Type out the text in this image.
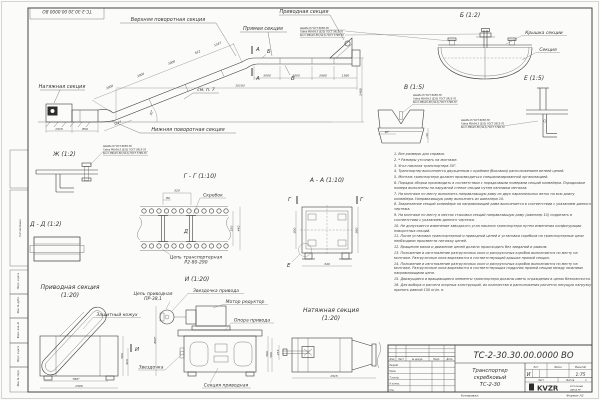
ТС-2-30.30.00.0000 ВО
Согласовано
Подп. и дата
Инв. № дубл.
Взам. инв. №
Подп. и дата
Инв. № подл.
А
А
Б
В
Верхняя поворотная секция
Прямая секция
Приводная секция
Натяжная секция
Нижняя поворотная секция
см. п. 7
3000
3000
3000
612
1347
3000	3000	2660	1560
10163
5480
30°
1515	850
1247
Шайба 8 ГОСТ 6958-78
Гайка М8-6Н.5 (S10) ГОСТ 5915-70
Болт М8х25.58 (S13) ГОСТ 7798-70
Ж (1:2)
Шайба 8 ГОСТ 6958-78
Гайка М8-6Н.5 (S10) ГОСТ 5915-70
Болт М8х25.58 (S13) ГОСТ 7798-70
Д - Д (1:2)
Г - Г (1:10)
320
80
320 440
Скребок
Д
Цепь транспортерная
Р2-80-290
А - А (1:10)
Г	Г
Е
300	380
340
Б (1:2)
Крышка секции
Секция
В (1:5)
Шайба 8 ГОСТ 6958-78
Гайка М8-6Н.5 (S10) ГОСТ 5915-70
Болт М8х25.58 (S13) ГОСТ 7798-70
90*
~50
Е (1:5)
Шайба 8 ГОСТ 6958-78
Гайка М8-6Н.5 (S10) ГОСТ 5915-70
Болт М8х25.58 (S13) ГОСТ 7798-70
Приводная секция
(1:20)
Защитный кожух
И
780*
1500
560
310
И (1:20)
Цепь приводная
ПР-38,1
Звездочка привода
Мотор редуктор
Опора привода
Звездочка
Секция приводная
800*
560
Натяжная секция
(1:20)
560 255
1515
Изм	Лист	№ докум.	Подп.	Дата
Разраб.
Пров.
Т.контр.
Н.контр.
Утв.
ТС-2-30.30.00.0000 ВО
Транспортер
скребковый
ТС-2-30
Лит.	Масса	Масштаб
И	1:75
Лист	Листов	1
KVZR	КОТЕЛЬНЫЙ
ЗАВОД РФ
Копировал:	Формат А2
1. Все размеры для справок.
2. * Размеры уточнить на монтаже.
3. Угол наклона транспортера 30°.
4. Транспортер выполняется двухцепным с крайним (боковым) расположением ветвей цепей.
5. Монтаж транспортера должен производиться специализированной организацией.
6. Порядок сборки производить в соответствии с порядковыми номерами секций конвейера. Порядковые номера выполнены на наружной стенке секции путем наплавки металла.
7. На монтаже по месту выполнить направляющую раму из двух параллельных веток на всю длину конвейера. Направляющую раму выполнить из швеллера 10.
8. Закрепление секций конвейера на направляющей раме выполняется в соответствии с указанием данного чертежа.
9. На монтаже по месту в местах стыковки секций направляющую раму (швеллер 10) подрезать в соответствии с указанием данного чертежа.
10. Не допускается изменение заводского угла наклона транспортера путем изменения конфигурации поворотных секций.
11. После установки транспортерной и приводной цепей и установки скребков на транспортерные цепи необходимо произвести натяжку цепей.
12. Вращение валов и движение цепей должно происходить без заеданий и рывков.
13. Положение и изготовление разгрузочных окон и разгрузочных коробов выполняются по месту на монтаже. Разгрузочные окна вырезаются в соответствующей крышке прямой секции.
14. Положение и изготовление разгрузочных окон и разгрузочных коробов выполняются по месту на монтаже. Разгрузочные окна вырезаются в соответствующих поддонах прямой секции между нижними направляющими цепи.
15. Движущиеся и вращающиеся элементы транспортера должны иметь ограждения в целях безопасности.
16. Для выбора и расчета опорных конструкций, их количества и расположения расчетно несущую нагрузку принять равной 150 кг/м. п.
